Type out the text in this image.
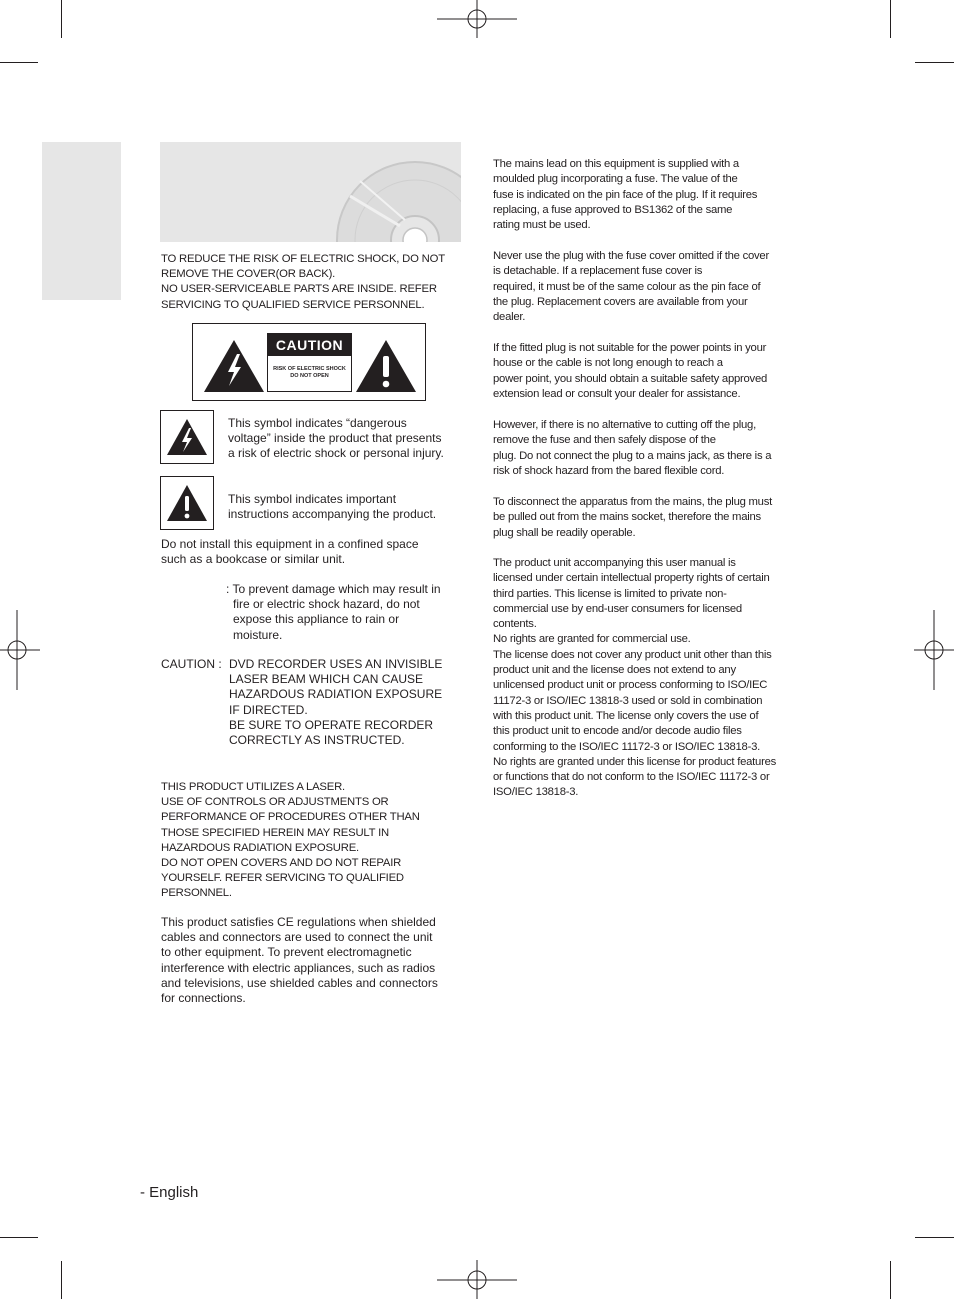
TO REDUCE THE RISK OF ELECTRIC SHOCK, DO NOT
REMOVE THE COVER(OR BACK).
NO USER-SERVICEABLE PARTS ARE INSIDE. REFER
SERVICING TO QUALIFIED SERVICE PERSONNEL.
CAUTION
RISK OF ELECTRIC SHOCK
DO NOT OPEN
This symbol indicates “dangerous
voltage” inside the product that presents
a risk of electric shock or personal injury.
This symbol indicates important
instructions accompanying the product.
Do not install this equipment in a confined space
such as a bookcase or similar unit.
: To prevent damage which may result in
fire or electric shock hazard, do not
expose this appliance to rain or
moisture.
CAUTION : DVD RECORDER USES AN INVISIBLE
LASER BEAM WHICH CAN CAUSE
HAZARDOUS RADIATION EXPOSURE
IF DIRECTED.
BE SURE TO OPERATE RECORDER
CORRECTLY AS INSTRUCTED.
THIS PRODUCT UTILIZES A LASER.
USE OF CONTROLS OR ADJUSTMENTS OR
PERFORMANCE OF PROCEDURES OTHER THAN
THOSE SPECIFIED HEREIN MAY RESULT IN
HAZARDOUS RADIATION EXPOSURE.
DO NOT OPEN COVERS AND DO NOT REPAIR
YOURSELF. REFER SERVICING TO QUALIFIED
PERSONNEL.
This product satisfies CE regulations when shielded
cables and connectors are used to connect the unit
to other equipment. To prevent electromagnetic
interference with electric appliances, such as radios
and televisions, use shielded cables and connectors
for connections.
The mains lead on this equipment is supplied with a
moulded plug incorporating a fuse. The value of the
fuse is indicated on the pin face of the plug. If it requires
replacing, a fuse approved to BS1362 of the same
rating must be used.
Never use the plug with the fuse cover omitted if the cover
is detachable. If a replacement fuse cover is
required, it must be of the same colour as the pin face of
the plug. Replacement covers are available from your
dealer.
If the fitted plug is not suitable for the power points in your
house or the cable is not long enough to reach a
power point, you should obtain a suitable safety approved
extension lead or consult your dealer for assistance.
However, if there is no alternative to cutting off the plug,
remove the fuse and then safely dispose of the
plug. Do not connect the plug to a mains jack, as there is a
risk of shock hazard from the bared flexible cord.
To disconnect the apparatus from the mains, the plug must
be pulled out from the mains socket, therefore the mains
plug shall be readily operable.
The product unit accompanying this user manual is
licensed under certain intellectual property rights of certain
third parties. This license is limited to private non-
commercial use by end-user consumers for licensed
contents.
No rights are granted for commercial use.
The license does not cover any product unit other than this
product unit and the license does not extend to any
unlicensed product unit or process conforming to ISO/IEC
11172-3 or ISO/IEC 13818-3 used or sold in combination
with this product unit. The license only covers the use of
this product unit to encode and/or decode audio files
conforming to the ISO/IEC 11172-3 or ISO/IEC 13818-3.
No rights are granted under this license for product features
or functions that do not conform to the ISO/IEC 11172-3 or
ISO/IEC 13818-3.

- English
